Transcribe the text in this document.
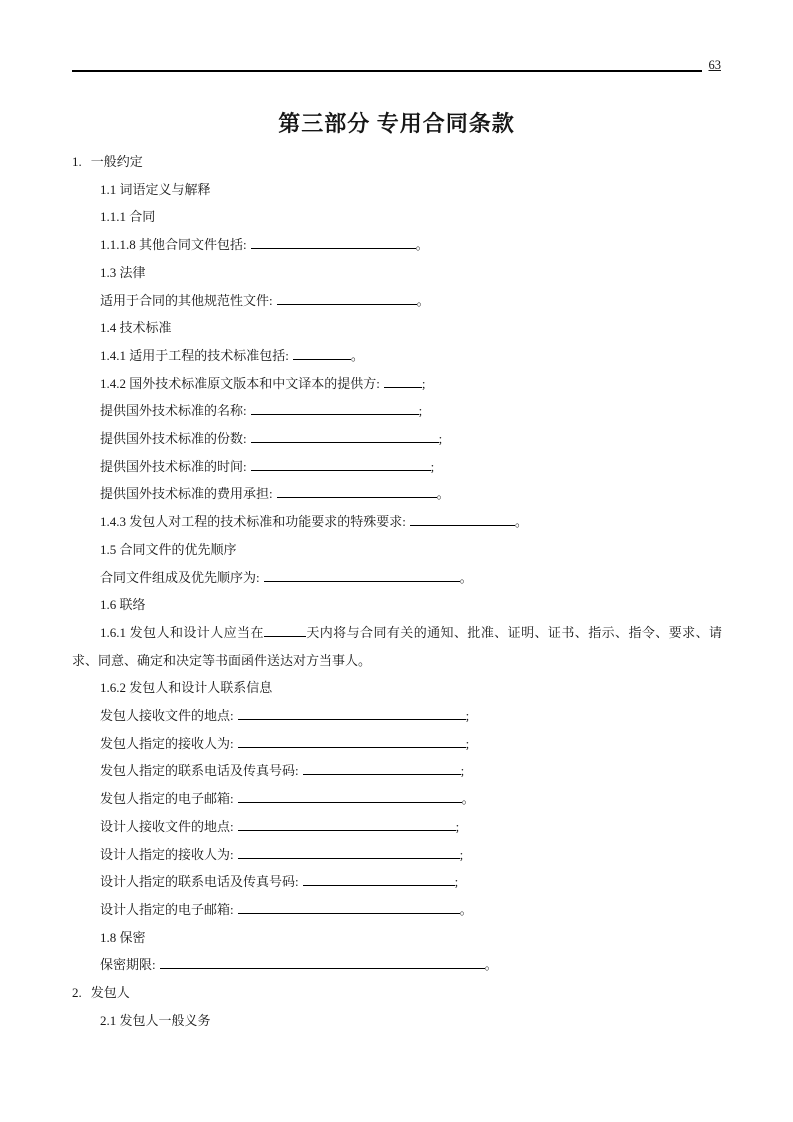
63
第三部分 专用合同条款
1. 一般约定
1.1 词语定义与解释
1.1.1 合同
1.1.1.8 其他合同文件包括:	。
1.3 法律
适用于合同的其他规范性文件:	。
1.4 技术标准
1.4.1 适用于工程的技术标准包括:	。
1.4.2 国外技术标准原文版本和中文译本的提供方:	;
提供国外技术标准的名称:	;
提供国外技术标准的份数:	;
提供国外技术标准的时间:	;
提供国外技术标准的费用承担:	。
1.4.3 发包人对工程的技术标准和功能要求的特殊要求:	。
1.5 合同文件的优先顺序
合同文件组成及优先顺序为:	。
1.6 联络
1.6.1 发包人和设计人应当在	天内将与合同有关的通知、批准、证明、证书、指示、指令、要求、请求、同意、确定和决定等书面函件送达对方当事人。
1.6.2 发包人和设计人联系信息
发包人接收文件的地点:	;
发包人指定的接收人为:	;
发包人指定的联系电话及传真号码:	;
发包人指定的电子邮箱:	。
设计人接收文件的地点:	;
设计人指定的接收人为:	;
设计人指定的联系电话及传真号码:	;
设计人指定的电子邮箱:	。
1.8 保密
保密期限:	。
2. 发包人
2.1 发包人一般义务
